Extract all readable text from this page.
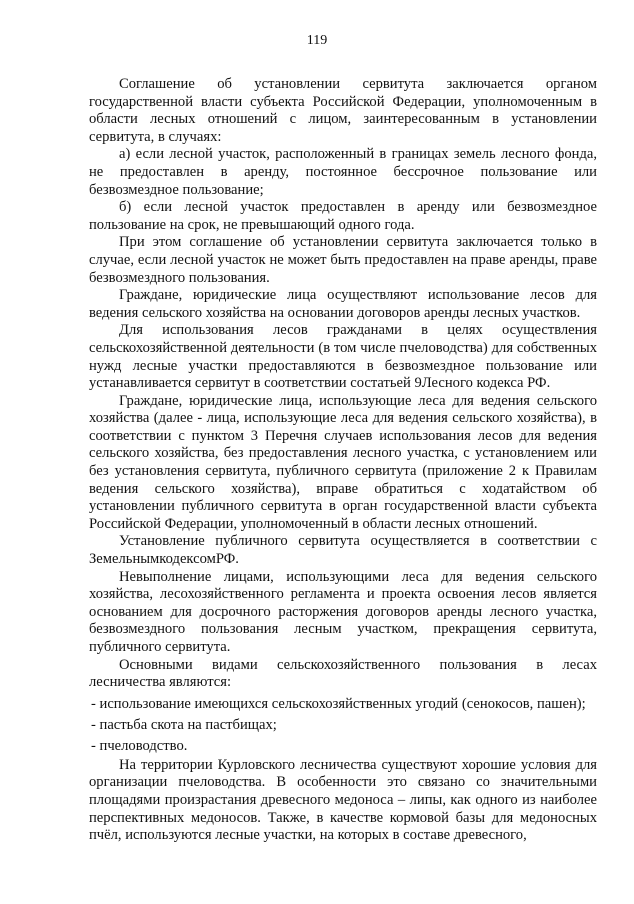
119

Соглашение об установлении сервитута заключается органом государственной власти субъекта Российской Федерации, уполномоченным в области лесных отношений с лицом, заинтересованным в установлении сервитута, в случаях:

а) если лесной участок, расположенный в границах земель лесного фонда, не предоставлен в аренду, постоянное бессрочное пользование или безвозмездное пользование;

б) если лесной участок предоставлен в аренду или безвозмездное пользование на срок, не превышающий одного года.

При этом соглашение об установлении сервитута заключается только в случае, если лесной участок не может быть предоставлен на праве аренды, праве безвозмездного пользования.

Граждане, юридические лица осуществляют использование лесов для ведения сельского хозяйства на основании договоров аренды лесных участков.

Для использования лесов гражданами в целях осуществления сельскохозяйственной деятельности (в том числе пчеловодства) для собственных нужд лесные участки предоставляются в безвозмездное пользование или устанавливается сервитут в соответствии состатьей 9Лесного кодекса РФ.

Граждане, юридические лица, использующие леса для ведения сельского хозяйства (далее - лица, использующие леса для ведения сельского хозяйства), в соответствии с пунктом 3 Перечня случаев использования лесов для ведения сельского хозяйства, без предоставления лесного участка, с установлением или без установления сервитута, публичного сервитута (приложение 2 к Правилам ведения сельского хозяйства), вправе обратиться с ходатайством об установлении публичного сервитута в орган государственной власти субъекта Российской Федерации, уполномоченный в области лесных отношений.

Установление публичного сервитута осуществляется в соответствии с ЗемельнымкодексомРФ.

Невыполнение лицами, использующими леса для ведения сельского хозяйства, лесохозяйственного регламента и проекта освоения лесов является основанием для досрочного расторжения договоров аренды лесного участка, безвозмездного пользования лесным участком, прекращения сервитута, публичного сервитута.

Основными видами сельскохозяйственного пользования в лесах лесничества являются:

- использование имеющихся сельскохозяйственных угодий (сенокосов, пашен);

- пастьба скота на пастбищах;

- пчеловодство.

На территории Курловского лесничества существуют хорошие условия для организации пчеловодства. В особенности это связано со значительными площадями произрастания древесного медоноса – липы, как одного из наиболее перспективных медоносов. Также, в качестве кормовой базы для медоносных пчёл, используются лесные участки, на которых в составе древесного,
